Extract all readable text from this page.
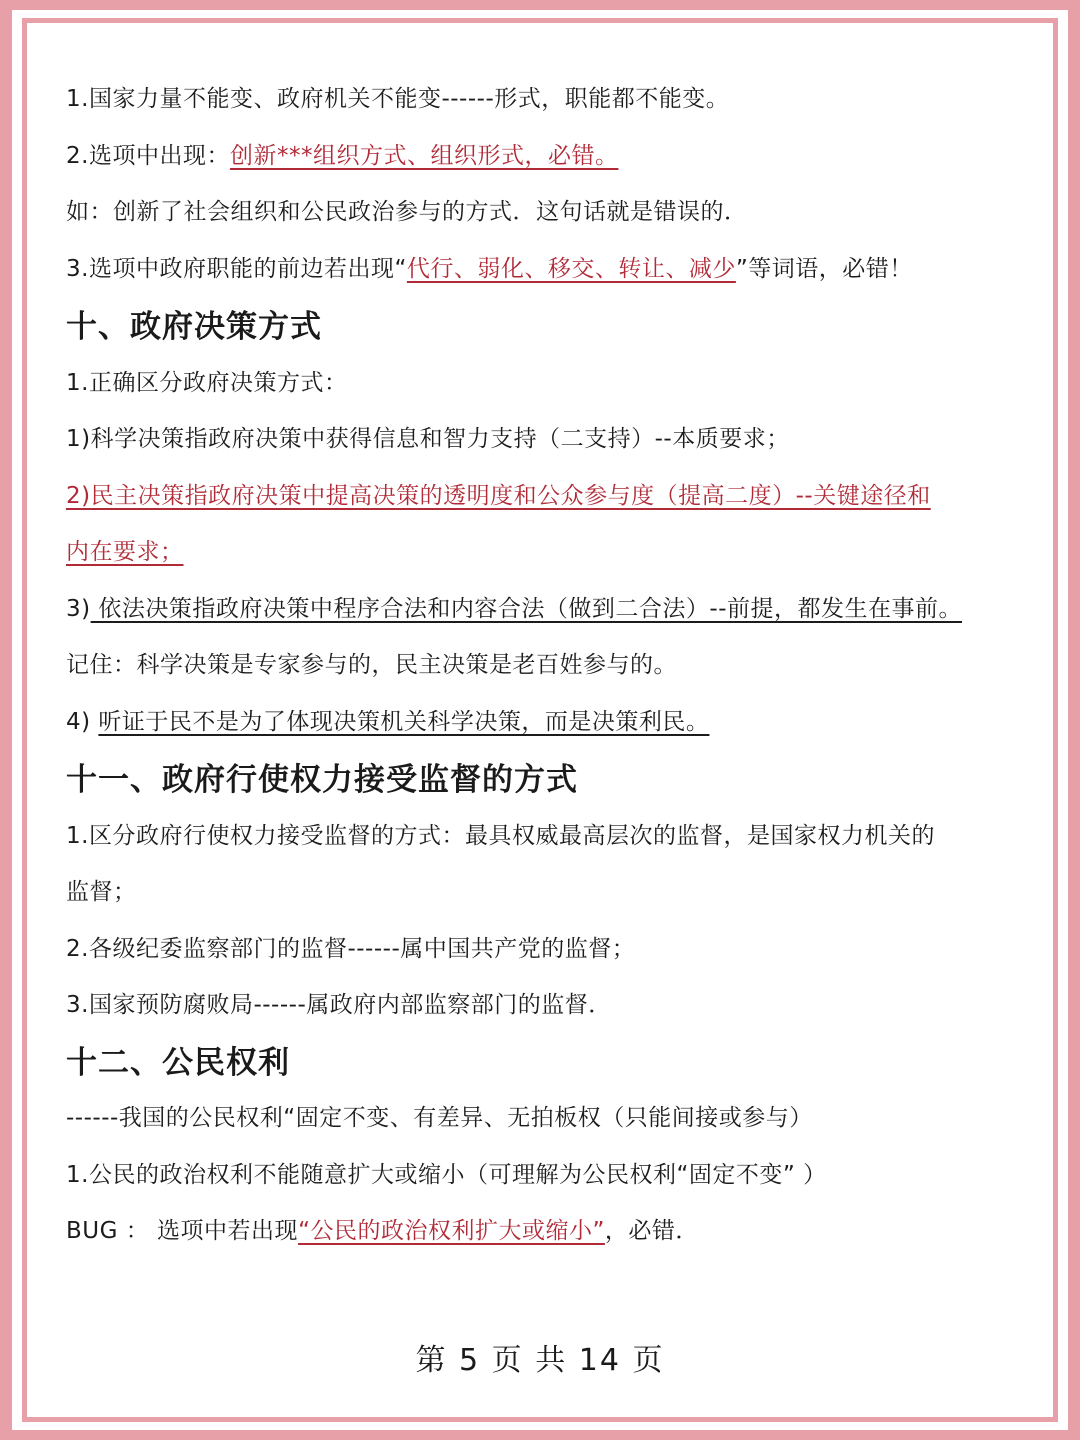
1.国家力量不能变、政府机关不能变------形式，职能都不能变。
2.选项中出现：创新***组织方式、组织形式，必错。
如：创新了社会组织和公民政治参与的方式．这句话就是错误的．
3.选项中政府职能的前边若出现“代行、弱化、移交、转让、减少”等词语，必错！
十、政府决策方式
1.正确区分政府决策方式：
1)科学决策指政府决策中获得信息和智力支持（二支持）--本质要求；
2)民主决策指政府决策中提高决策的透明度和公众参与度（提高二度）--关键途径和
内在要求；
3) 依法决策指政府决策中程序合法和内容合法（做到二合法）--前提，都发生在事前。
记住：科学决策是专家参与的，民主决策是老百姓参与的。
4) 听证于民不是为了体现决策机关科学决策，而是决策利民。
十一、政府行使权力接受监督的方式
1.区分政府行使权力接受监督的方式：最具权威最高层次的监督，是国家权力机关的
监督；
2.各级纪委监察部门的监督------属中国共产党的监督；
3.国家预防腐败局------属政府内部监察部门的监督．
十二、公民权利
------我国的公民权利“固定不变、有差异、无拍板权（只能间接或参与）
1.公民的政治权利不能随意扩大或缩小（可理解为公民权利“固定不变” ）
BUG ： 选项中若出现“公民的政治权利扩大或缩小”，必错．
第 5 页 共 14 页
